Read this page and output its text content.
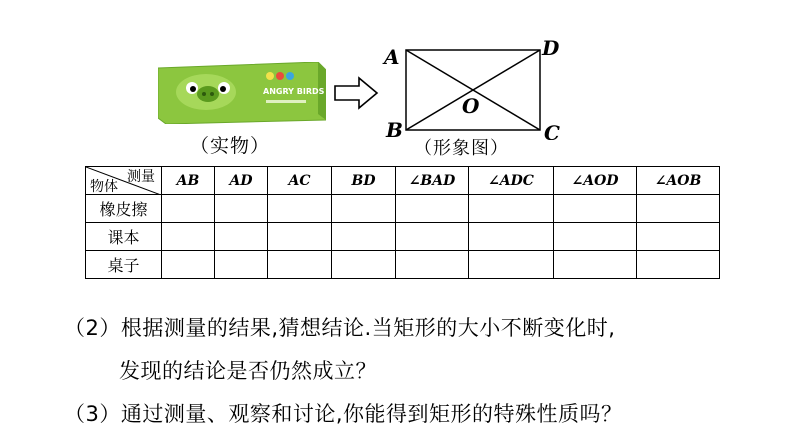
ANGRY BIRDS
A	D
B	C
O
（实物）	（形象图）
测量
物体	AB	AD	AC	BD	∠BAD	∠ADC	∠AOD	∠AOB
橡皮擦								
课本								
桌子								
（2）根据测量的结果,猜想结论.当矩形的大小不断变化时,
发现的结论是否仍然成立？
（3）通过测量、观察和讨论,你能得到矩形的特殊性质吗？
